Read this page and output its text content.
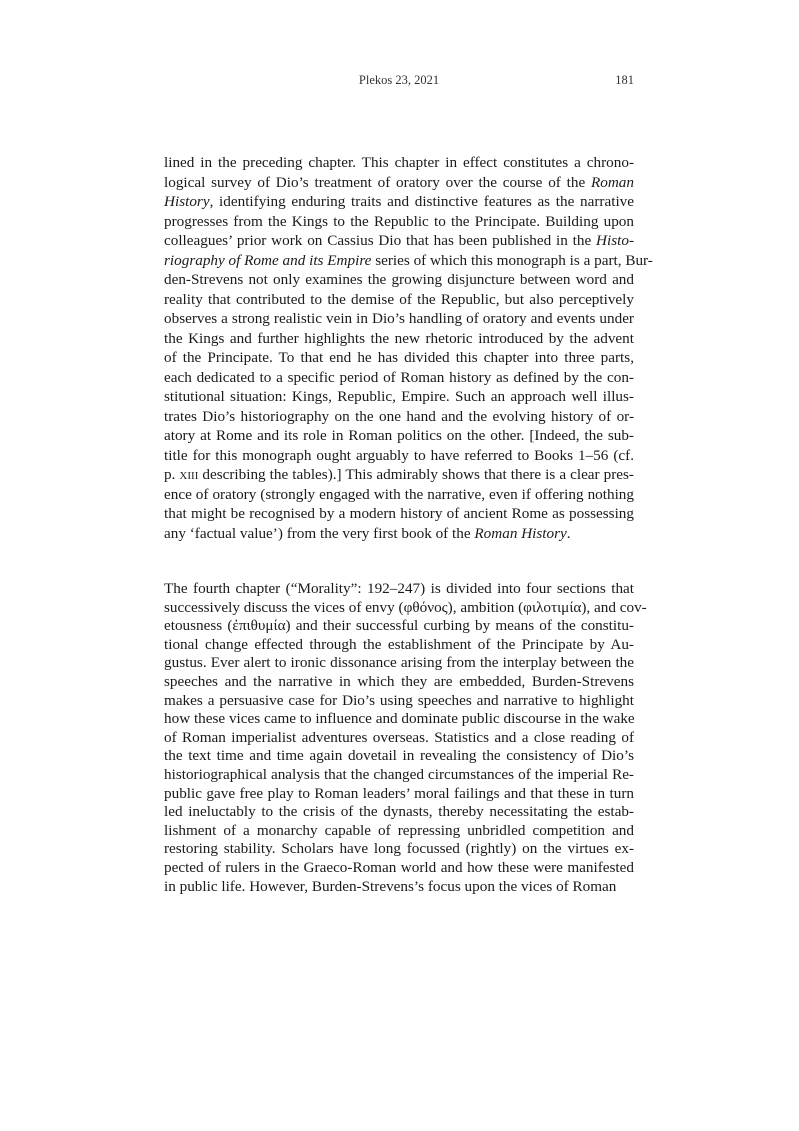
Plekos 23, 2021	181
lined in the preceding chapter. This chapter in effect constitutes a chrono-
logical survey of Dio’s treatment of oratory over the course of the Roman
History, identifying enduring traits and distinctive features as the narrative
progresses from the Kings to the Republic to the Principate. Building upon
colleagues’ prior work on Cassius Dio that has been published in the Histo-
riography of Rome and its Empire series of which this monograph is a part, Bur-
den-Strevens not only examines the growing disjuncture between word and
reality that contributed to the demise of the Republic, but also perceptively
observes a strong realistic vein in Dio’s handling of oratory and events under
the Kings and further highlights the new rhetoric introduced by the advent
of the Principate. To that end he has divided this chapter into three parts,
each dedicated to a specific period of Roman history as defined by the con-
stitutional situation: Kings, Republic, Empire. Such an approach well illus-
trates Dio’s historiography on the one hand and the evolving history of or-
atory at Rome and its role in Roman politics on the other. [Indeed, the sub-
title for this monograph ought arguably to have referred to Books 1–56 (cf.
p. xiii describing the tables).] This admirably shows that there is a clear pres-
ence of oratory (strongly engaged with the narrative, even if offering nothing
that might be recognised by a modern history of ancient Rome as possessing
any ‘factual value’) from the very first book of the Roman History.
The fourth chapter (“Morality”: 192–247) is divided into four sections that
successively discuss the vices of envy (φθόνος), ambition (φιλοτιμία), and cov-
etousness (ἐπιθυμία) and their successful curbing by means of the constitu-
tional change effected through the establishment of the Principate by Au-
gustus. Ever alert to ironic dissonance arising from the interplay between the
speeches and the narrative in which they are embedded, Burden-Strevens
makes a persuasive case for Dio’s using speeches and narrative to highlight
how these vices came to influence and dominate public discourse in the wake
of Roman imperialist adventures overseas. Statistics and a close reading of
the text time and time again dovetail in revealing the consistency of Dio’s
historiographical analysis that the changed circumstances of the imperial Re-
public gave free play to Roman leaders’ moral failings and that these in turn
led ineluctably to the crisis of the dynasts, thereby necessitating the estab-
lishment of a monarchy capable of repressing unbridled competition and
restoring stability. Scholars have long focussed (rightly) on the virtues ex-
pected of rulers in the Graeco-Roman world and how these were manifested
in public life. However, Burden-Strevens’s focus upon the vices of Roman
